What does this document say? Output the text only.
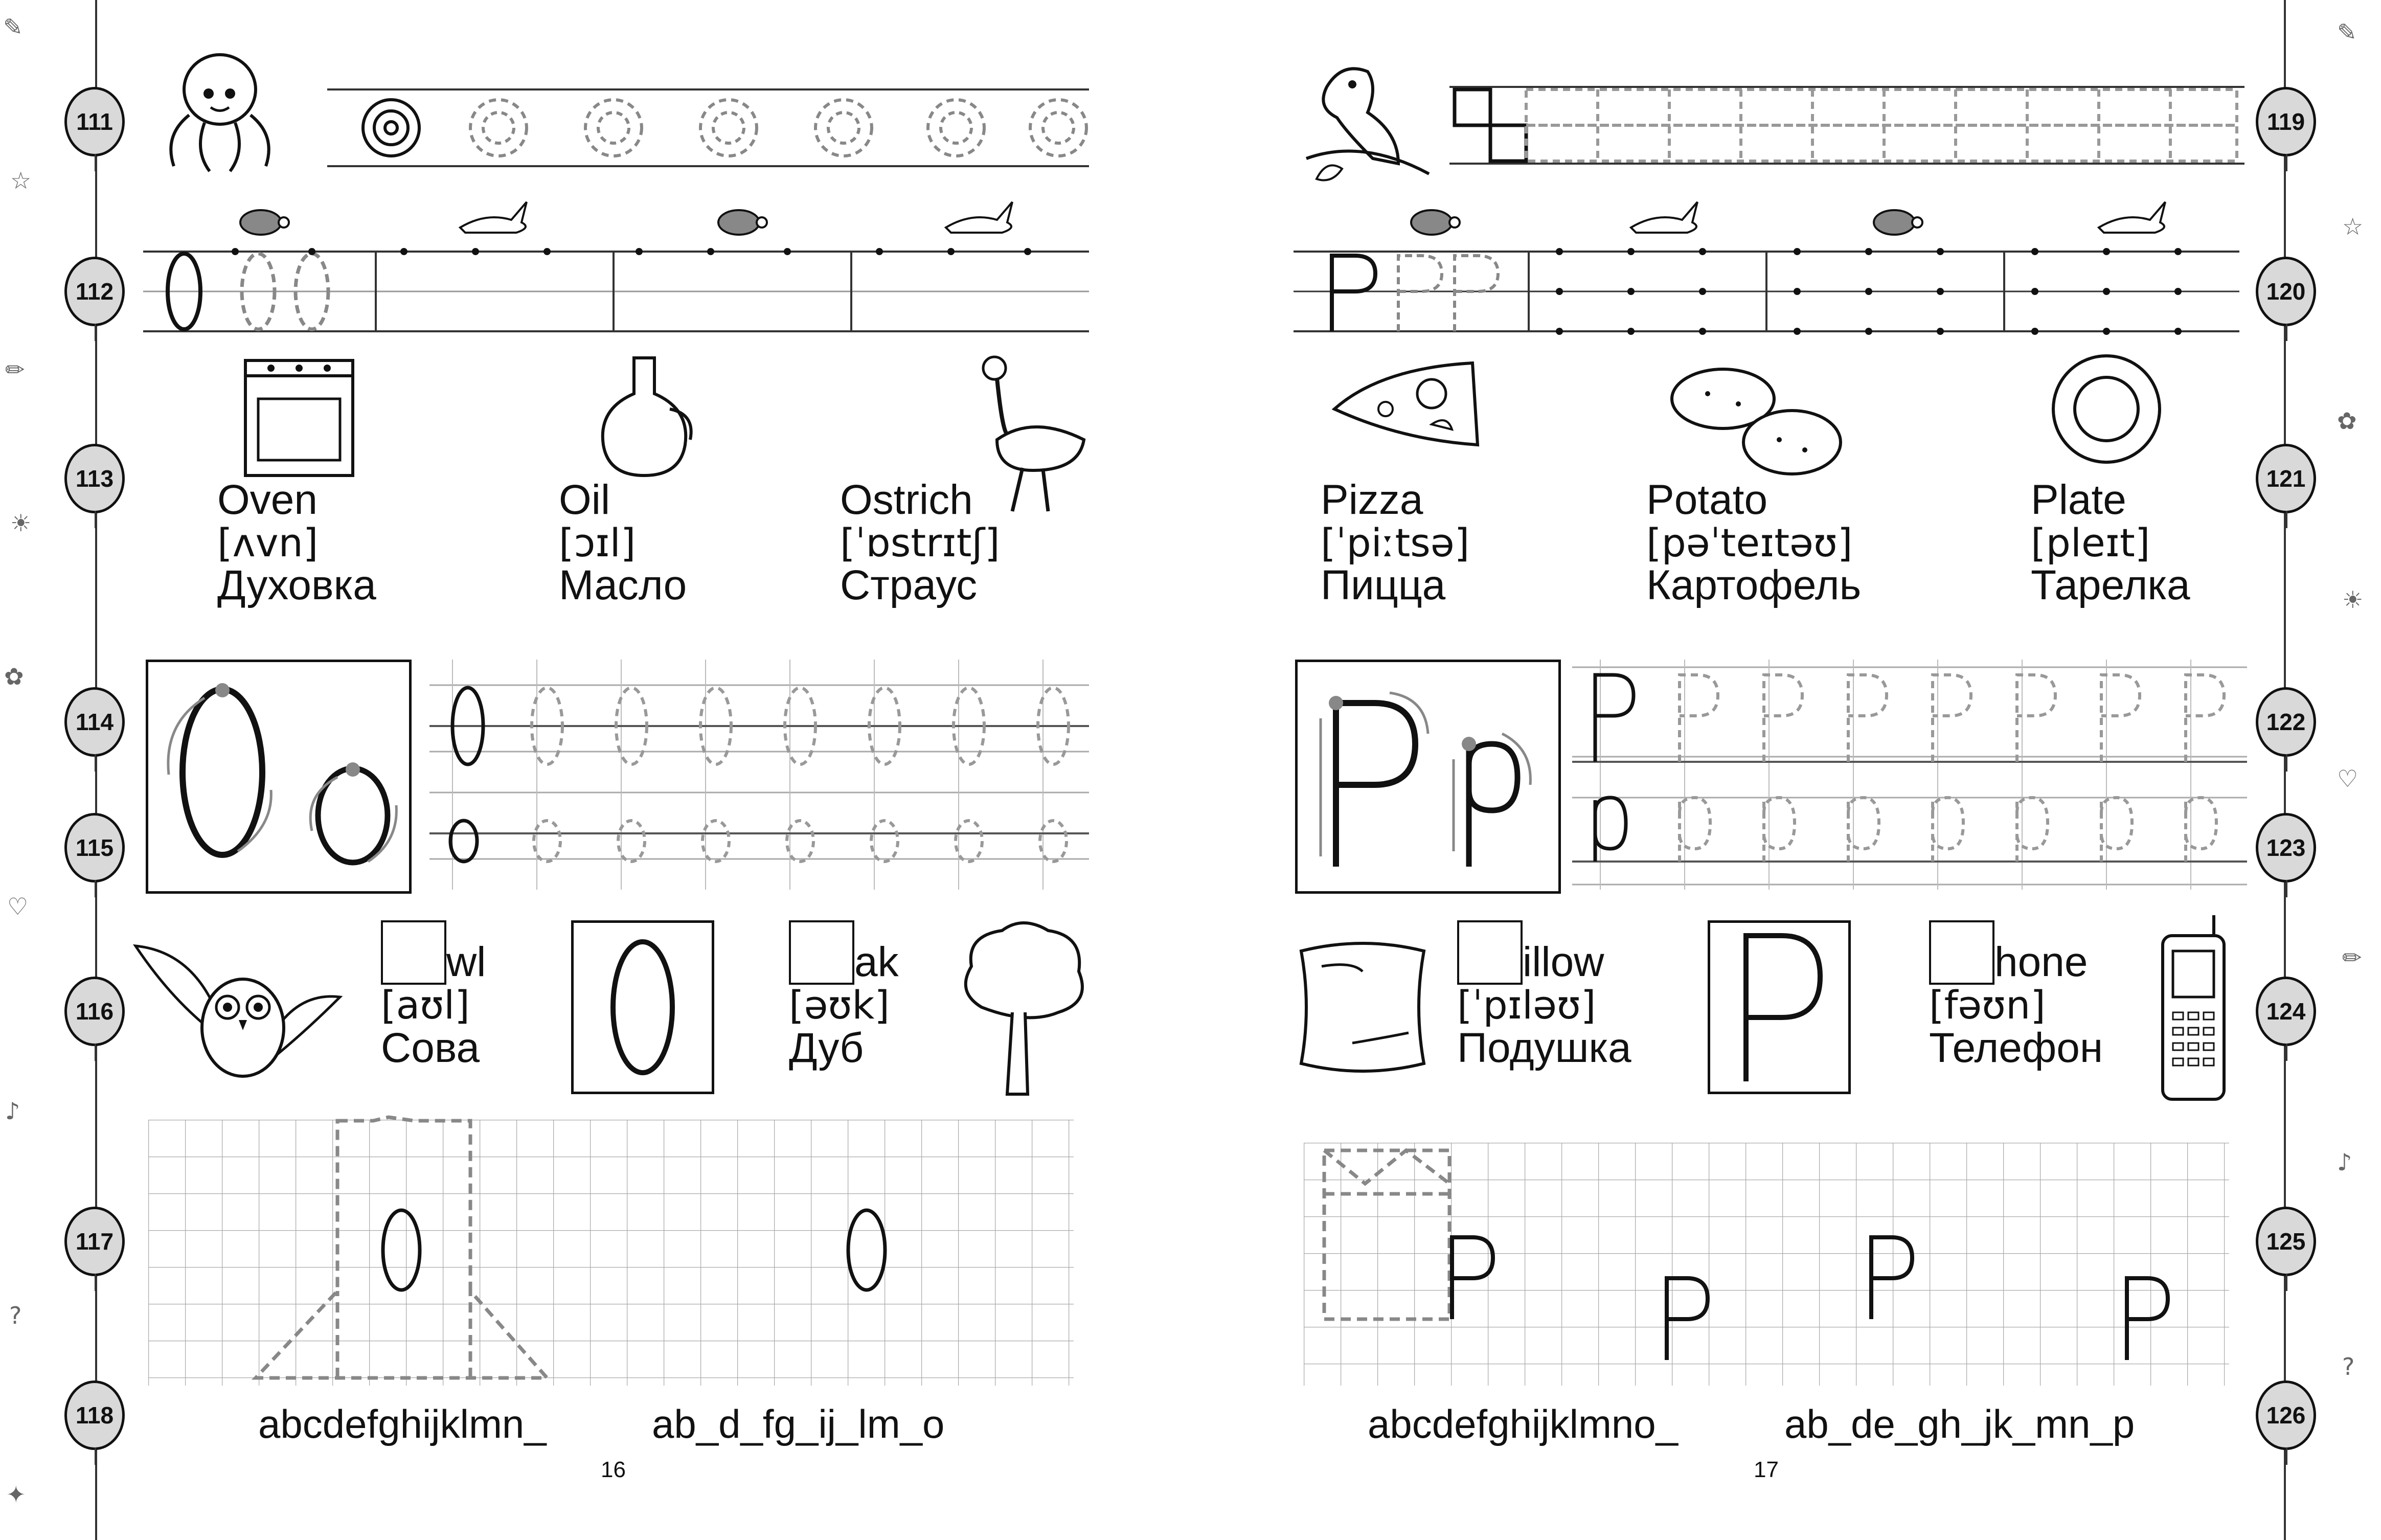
✎
☆
✏
☀
✿
♡
♪
?
✦
111
112
113
114
115
116
117
118
✎
☆
✿
☀
♡
✏
♪
?
119
120
121
122
123
124
125
126
Oven
[ʌvn]
Духовка
Oil
[ɔɪl]
Масло
Ostrich
[ˈɒstrɪtʃ]
Страус
wl
[aʊl]
Сова
ak
[əʊk]
Дуб
abcdefghijklmn_	ab_d_fg_ij_lm_o
16
Pizza
[ˈpiːtsə]
Пицца
Potato
[pəˈteɪtəʊ]
Картофель
Plate
[pleɪt]
Тарелка
illow
[ˈpɪləʊ]
Подушка
hone
[fəʊn]
Телефон
abcdefghijklmno_	ab_de_gh_jk_mn_p
17
